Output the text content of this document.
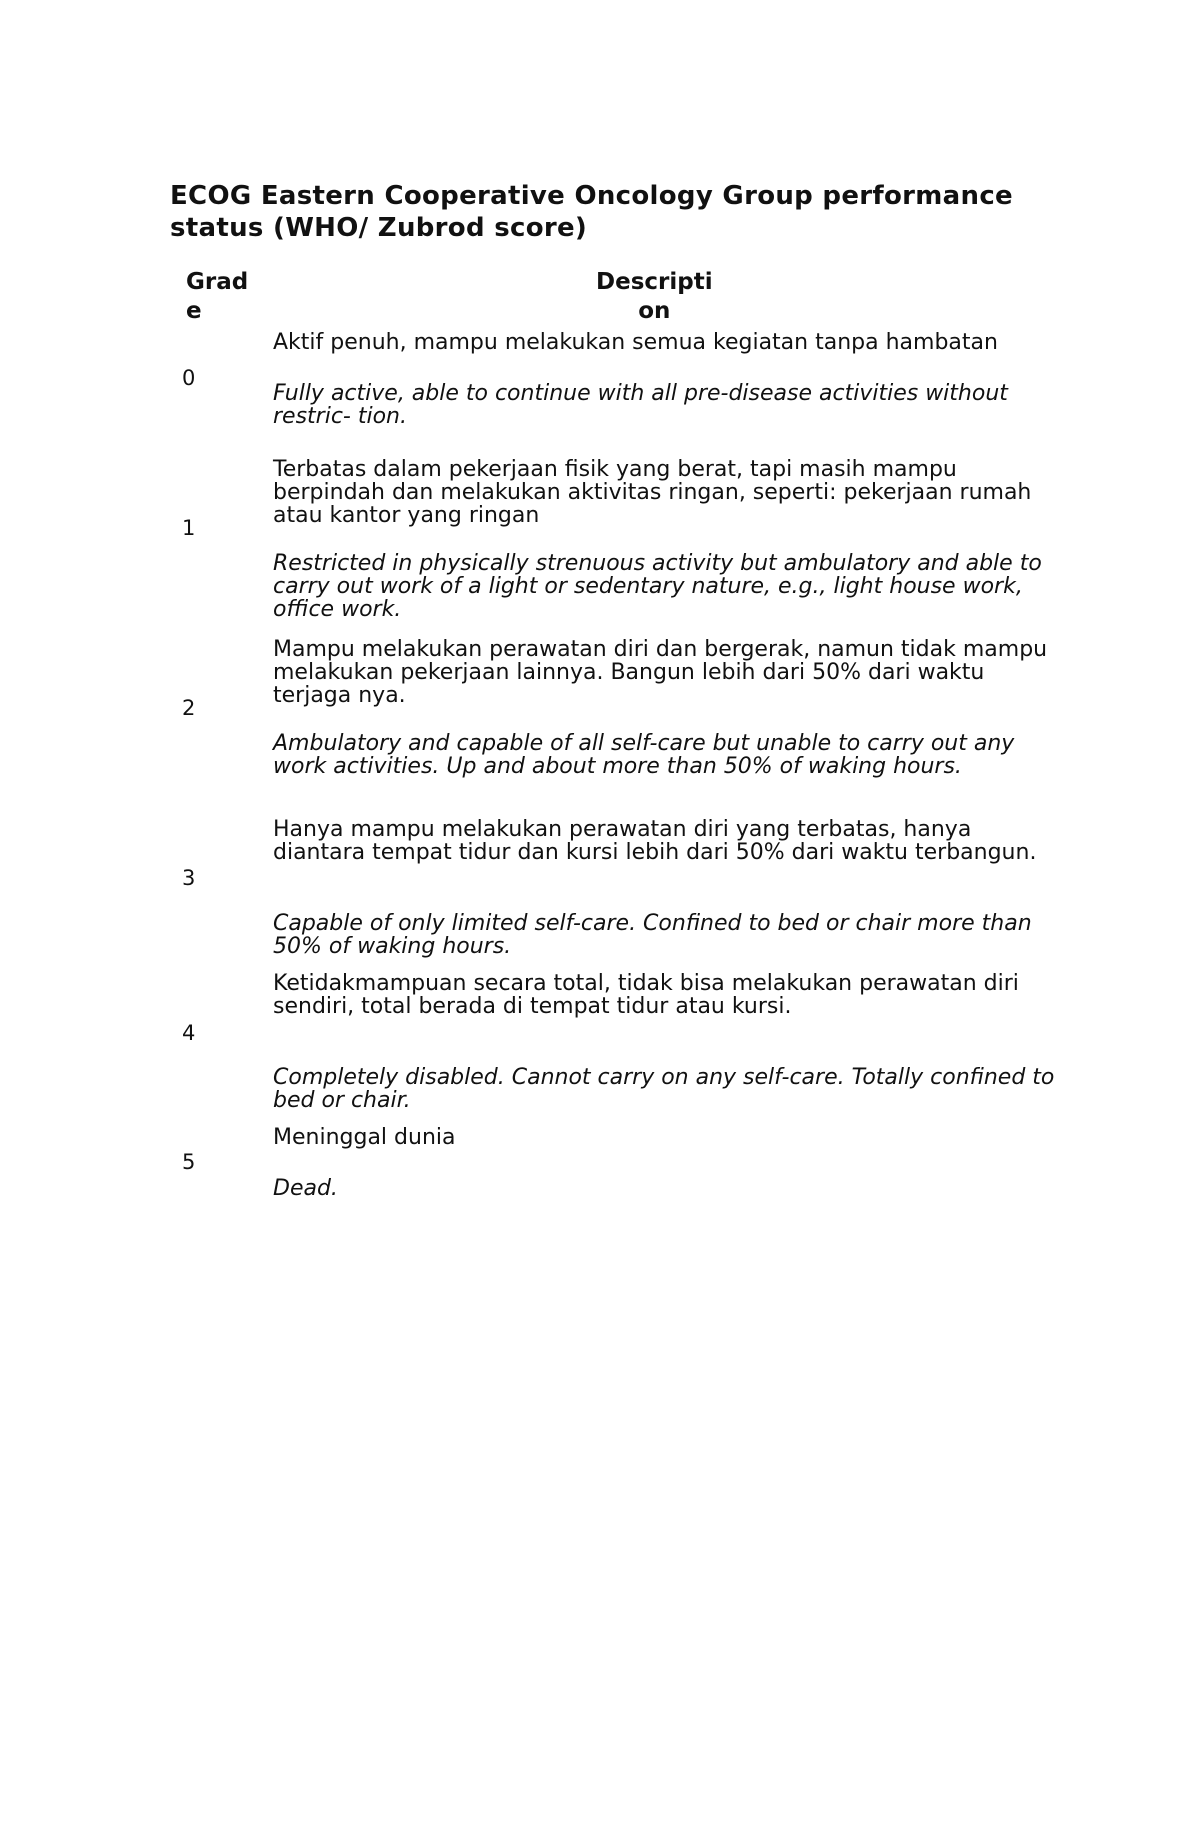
ECOG Eastern Cooperative Oncology Group performance status (WHO/ Zubrod score)
Grad
e
Descripti
on
0

Aktif penuh, mampu melakukan semua kegiatan tanpa hambatan

Fully active, able to continue with all pre-disease activities without restric- tion.

1

Terbatas dalam pekerjaan fisik yang berat, tapi masih mampu berpindah dan melakukan aktivitas ringan, seperti: pekerjaan rumah atau kantor yang ringan

Restricted in physically strenuous activity but ambulatory and able to carry out work of a light or sedentary nature, e.g., light house work, office work.

2

Mampu melakukan perawatan diri dan bergerak, namun tidak mampu melakukan pekerjaan lainnya. Bangun lebih dari 50% dari waktu terjaga nya.

Ambulatory and capable of all self-care but unable to carry out any work activities. Up and about more than 50% of waking hours.

3

Hanya mampu melakukan perawatan diri yang terbatas, hanya diantara tempat tidur dan kursi lebih dari 50% dari waktu terbangun.

Capable of only limited self-care. Confined to bed or chair more than 50% of waking hours.

4

Ketidakmampuan secara total, tidak bisa melakukan perawatan diri sendiri, total berada di tempat tidur atau kursi.

Completely disabled. Cannot carry on any self-care. Totally confined to bed or chair.

5

Meninggal dunia

Dead.
